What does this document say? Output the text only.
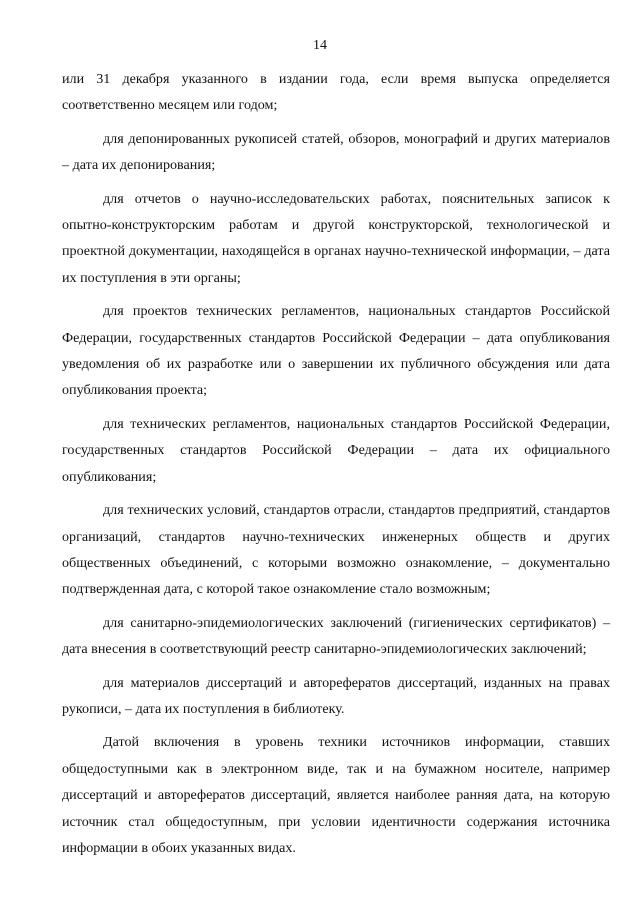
14

или 31 декабря указанного в издании года, если время выпуска определяется соответственно месяцем или годом;

для депонированных рукописей статей, обзоров, монографий и других материалов – дата их депонирования;

для отчетов о научно-исследовательских работах, пояснительных записок к опытно-конструкторским работам и другой конструкторской, технологической и проектной документации, находящейся в органах научно-технической информации, – дата их поступления в эти органы;

для проектов технических регламентов, национальных стандартов Российской Федерации, государственных стандартов Российской Федерации – дата опубликования уведомления об их разработке или о завершении их публичного обсуждения или дата опубликования проекта;

для технических регламентов, национальных стандартов Российской Федерации, государственных стандартов Российской Федерации – дата их официального опубликования;

для технических условий, стандартов отрасли, стандартов предприятий, стандартов организаций, стандартов научно-технических инженерных обществ и других общественных объединений, с которыми возможно ознакомление, – документально подтвержденная дата, с которой такое ознакомление стало возможным;

для санитарно-эпидемиологических заключений (гигиенических сертификатов) – дата внесения в соответствующий реестр санитарно-эпидемиологических заключений;

для материалов диссертаций и авторефератов диссертаций, изданных на правах рукописи, – дата их поступления в библиотеку.

Датой включения в уровень техники источников информации, ставших общедоступными как в электронном виде, так и на бумажном носителе, например диссертаций и авторефератов диссертаций, является наиболее ранняя дата, на которую источник стал общедоступным, при условии идентичности содержания источника информации в обоих указанных видах.
